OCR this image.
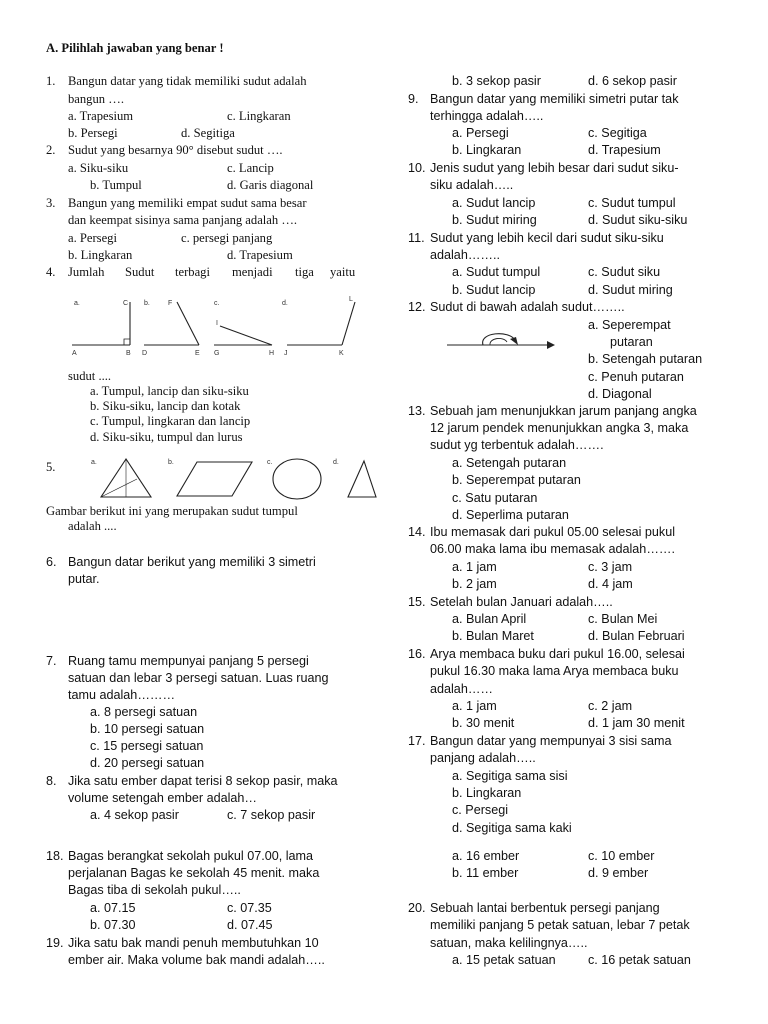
A. Pilihlah jawaban yang benar !
1. Bangun datar yang tidak memiliki sudut adalah
bangun ….
a. Trapesium	c. Lingkaran
b. Persegi	d. Segitiga
2. Sudut yang besarnya 90° disebut sudut ….
a. Siku-siku	c. Lancip
b. Tumpul	d. Garis diagonal
3. Bangun yang memiliki empat sudut sama besar
dan keempat sisinya sama panjang adalah ….
a. Persegi	c. persegi panjang
b. Lingkaran	d. Trapesium
4. Jumlah Sudut terbagi menjadi tiga yaitu
a.	C b.	F	c.	d.
L
I
A	B D	E G	H J	K
sudut ....
a. Tumpul, lancip dan siku-siku
b. Siku-siku, lancip dan kotak
c. Tumpul, lingkaran dan lancip
d. Siku-siku, tumpul dan lurus
5.	a.	b.	c.	d.
Gambar berikut ini yang merupakan sudut tumpul
adalah ....
6. Bangun datar berikut yang memiliki 3 simetri
putar.
7. Ruang tamu mempunyai panjang 5 persegi
satuan dan lebar 3 persegi satuan. Luas ruang
tamu adalah………
a. 8 persegi satuan
b. 10 persegi satuan
c. 15 persegi satuan
d. 20 persegi satuan
8. Jika satu ember dapat terisi 8 sekop pasir, maka
volume setengah ember adalah…
a. 4 sekop pasir	c. 7 sekop pasir
18. Bagas berangkat sekolah pukul 07.00, lama
perjalanan Bagas ke sekolah 45 menit. maka
Bagas tiba di sekolah pukul…..
a. 07.15	c. 07.35
b. 07.30	d. 07.45
19. Jika satu bak mandi penuh membutuhkan 10
ember air. Maka volume bak mandi adalah…..
b. 3 sekop pasir	d. 6 sekop pasir
9. Bangun datar yang memiliki simetri putar tak
terhingga adalah…..
a. Persegi	c. Segitiga
b. Lingkaran	d. Trapesium
10. Jenis sudut yang lebih besar dari sudut siku-
siku adalah…..
a. Sudut lancip	c. Sudut tumpul
b. Sudut miring	d. Sudut siku-siku
11. Sudut yang lebih kecil dari sudut siku-siku
adalah……..
a. Sudut tumpul	c. Sudut siku
b. Sudut lancip	d. Sudut miring
12. Sudut di bawah adalah sudut……..
a. Seperempat
putaran
b. Setengah putaran
c. Penuh putaran
d. Diagonal
13. Sebuah jam menunjukkan jarum panjang angka
12 jarum pendek menunjukkan angka 3, maka
sudut yg terbentuk adalah…….
a. Setengah putaran
b. Seperempat putaran
c. Satu putaran
d. Seperlima putaran
14. Ibu memasak dari pukul 05.00 selesai pukul
06.00 maka lama ibu memasak adalah…….
a. 1 jam	c. 3 jam
b. 2 jam	d. 4 jam
15. Setelah bulan Januari adalah…..
a. Bulan April	c. Bulan Mei
b. Bulan Maret	d. Bulan Februari
16. Arya membaca buku dari pukul 16.00, selesai
pukul 16.30 maka lama Arya membaca buku
adalah……
a. 1 jam	c. 2 jam
b. 30 menit	d. 1 jam 30 menit
17. Bangun datar yang mempunyai 3 sisi sama
panjang adalah…..
a. Segitiga sama sisi
b. Lingkaran
c. Persegi
d. Segitiga sama kaki
a. 16 ember	c. 10 ember
b. 11 ember	d. 9 ember
20. Sebuah lantai berbentuk persegi panjang
memiliki panjang 5 petak satuan, lebar 7 petak
satuan, maka kelilingnya…..
a. 15 petak satuan	c. 16 petak satuan
